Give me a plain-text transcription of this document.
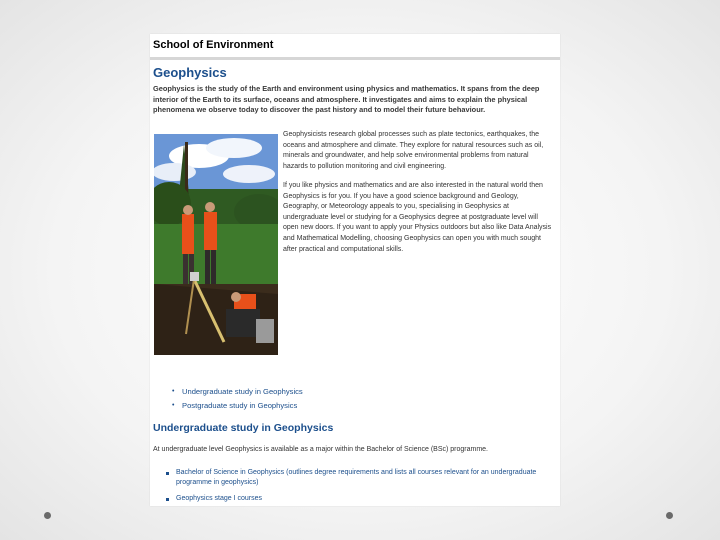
School of Environment
Geophysics
Geophysics is the study of the Earth and environment using physics and mathematics. It spans from the deep interior of the Earth to its surface, oceans and atmosphere. It investigates and aims to explain the physical phenomena we observe today to discover the past history and to model their future behaviour.
Geophysicists research global processes such as plate tectonics, earthquakes, the oceans and atmosphere and climate. They explore for natural resources such as oil, minerals and groundwater, and help solve environmental problems from natural hazards to pollution monitoring and civil engineering.
If you like physics and mathematics and are also interested in the natural world then Geophysics is for you. If you have a good science background and Geology, Geography, or Meteorology appeals to you, specialising in Geophysics at undergraduate level or studying for a Geophysics degree at postgraduate level will open new doors. If you want to apply your Physics outdoors but also like Data Analysis and Mathematical Modelling, choosing Geophysics can open you with much sought after practical and computational skills.
• Undergraduate study in Geophysics
• Postgraduate study in Geophysics
Undergraduate study in Geophysics
At undergraduate level Geophysics is available as a major within the Bachelor of Science (BSc) programme.
Bachelor of Science in Geophysics (outlines degree requirements and lists all courses relevant for an undergraduate programme in geophysics)
Geophysics stage I courses
